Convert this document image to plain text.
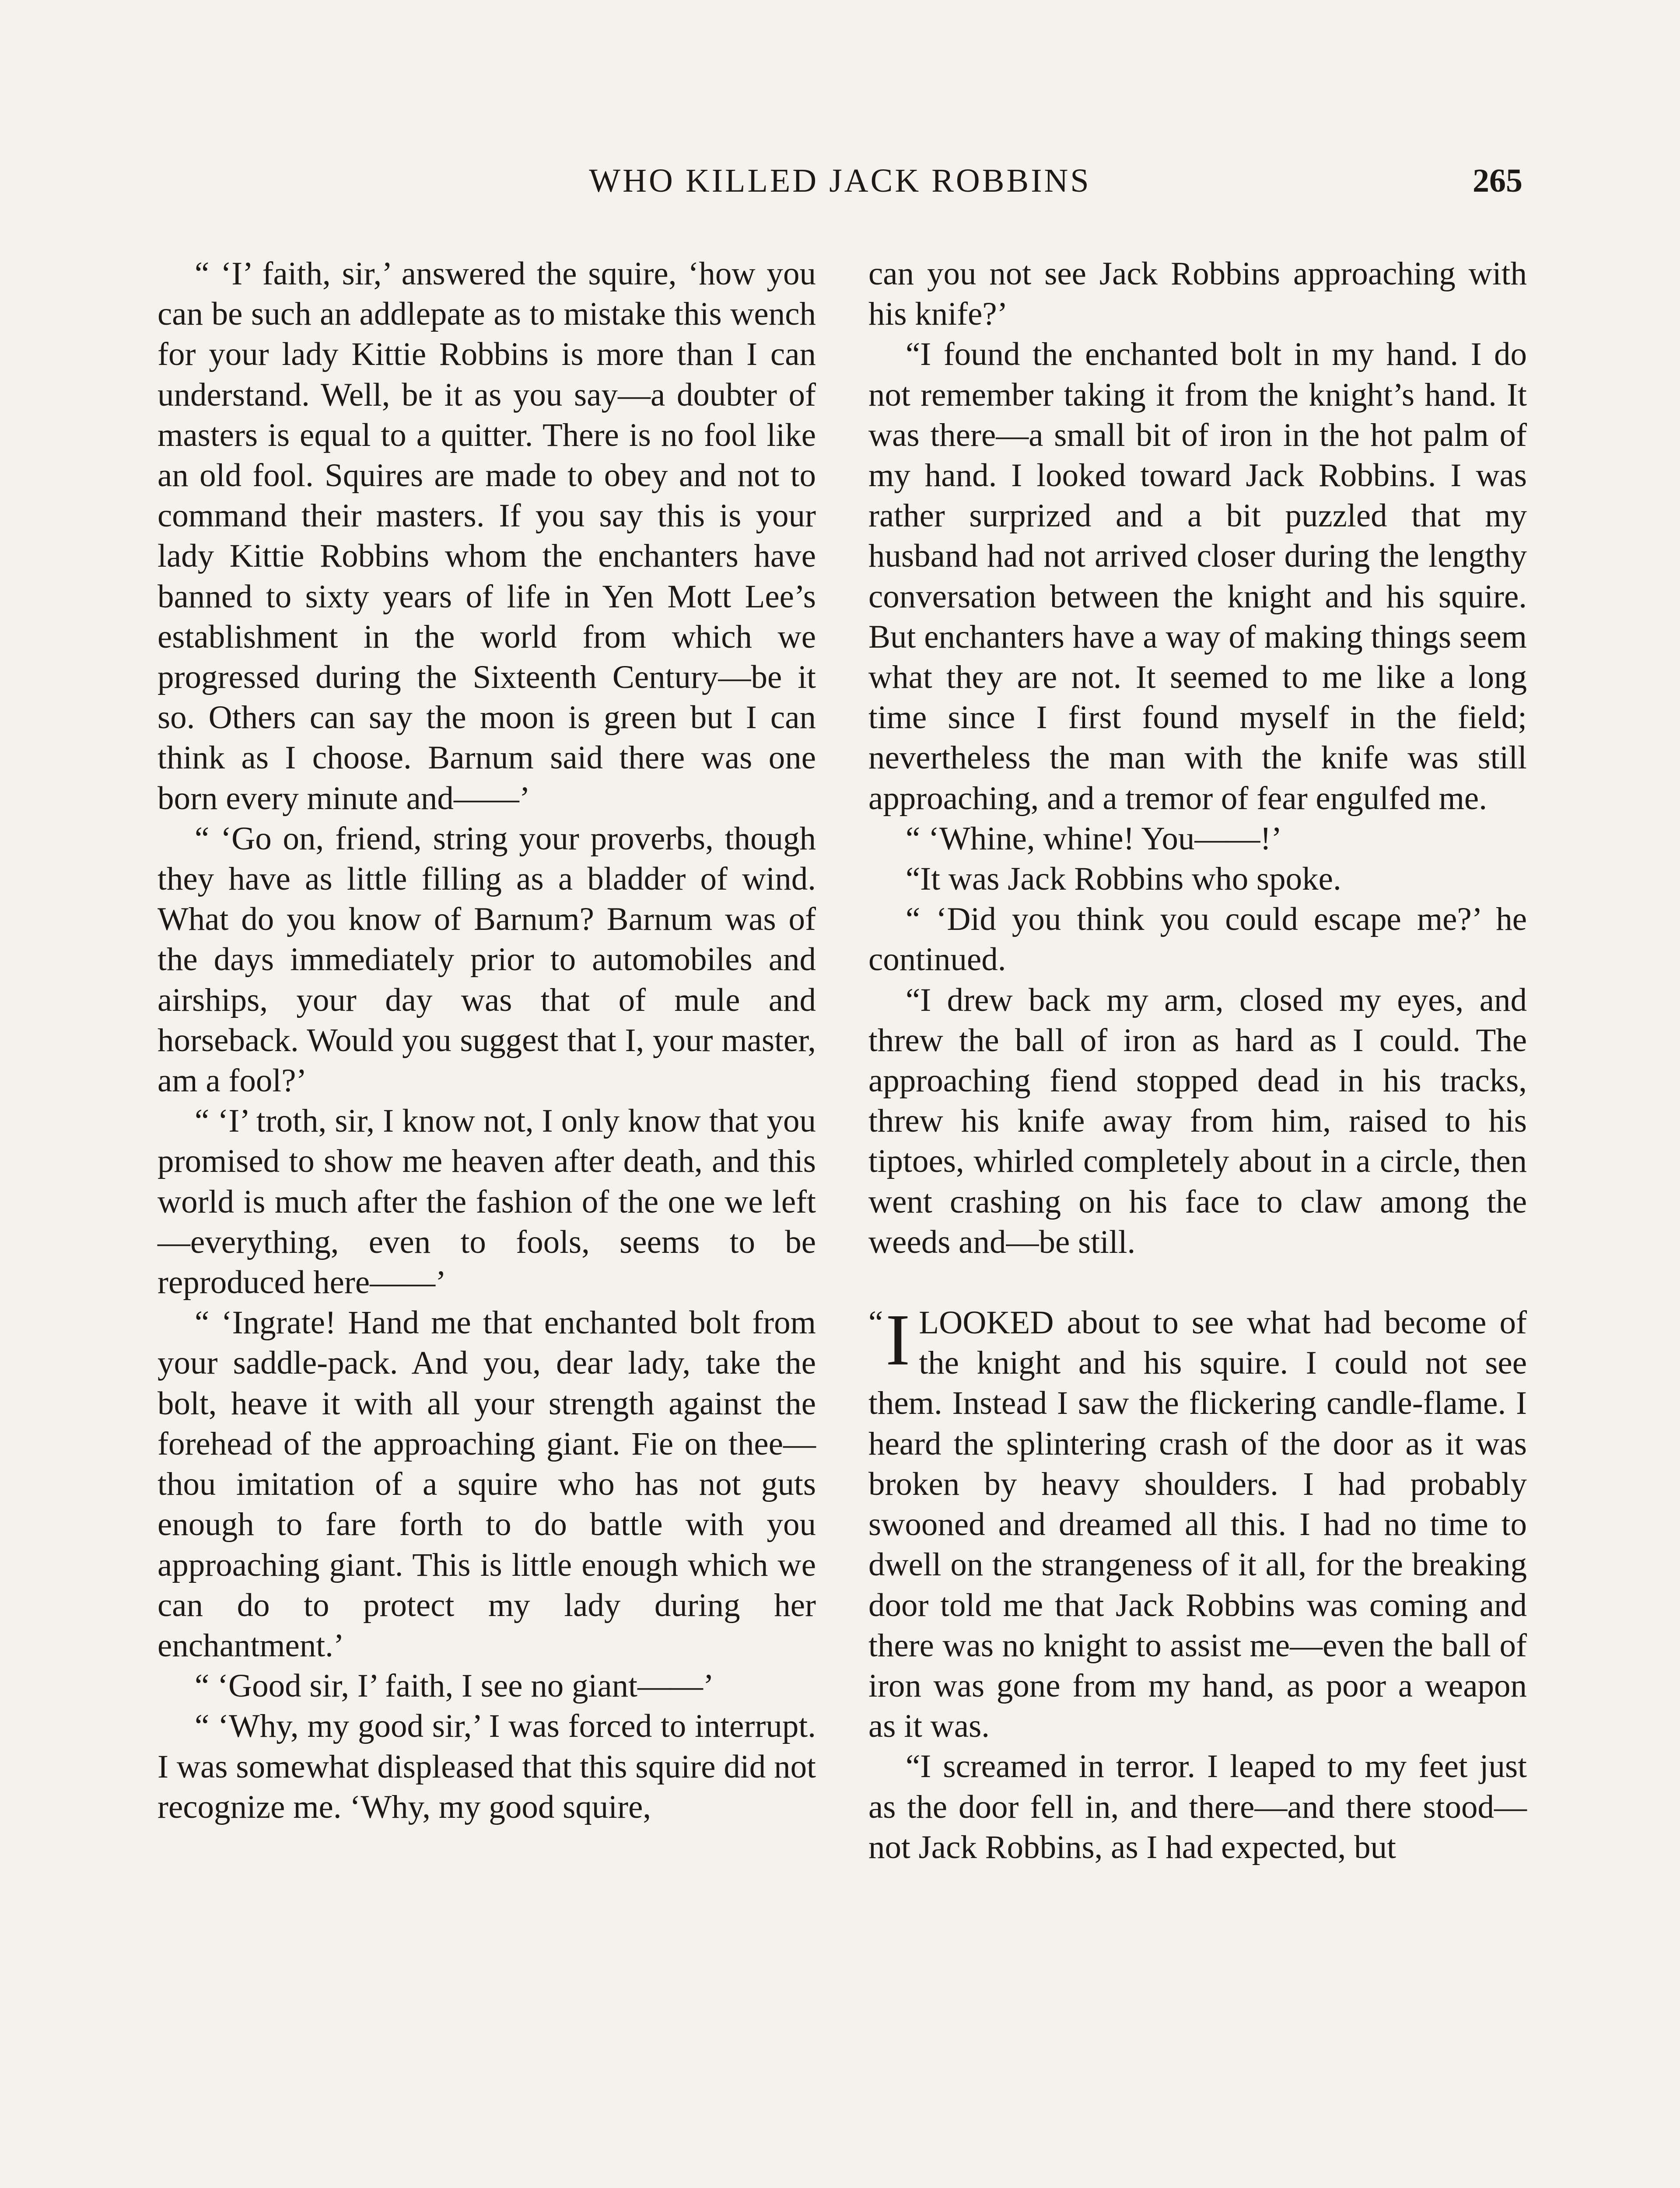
WHO KILLED JACK ROBBINS	265

“ ‘I’ faith, sir,’ answered the squire, ‘how you can be such an addlepate as to mistake this wench for your lady Kittie Robbins is more than I can understand. Well, be it as you say—a doubter of masters is equal to a quitter. There is no fool like an old fool. Squires are made to obey and not to command their masters. If you say this is your lady Kittie Robbins whom the enchanters have banned to sixty years of life in Yen Mott Lee’s establishment in the world from which we progressed during the Sixteenth Century—be it so. Others can say the moon is green but I can think as I choose. Barnum said there was one born every minute and——’

“ ‘Go on, friend, string your proverbs, though they have as little filling as a bladder of wind. What do you know of Barnum? Barnum was of the days immediately prior to automobiles and airships, your day was that of mule and horseback. Would you suggest that I, your master, am a fool?’

“ ‘I’ troth, sir, I know not, I only know that you promised to show me heaven after death, and this world is much after the fashion of the one we left—everything, even to fools, seems to be reproduced here——’

“ ‘Ingrate! Hand me that enchanted bolt from your saddle-pack. And you, dear lady, take the bolt, heave it with all your strength against the forehead of the approaching giant. Fie on thee—thou imitation of a squire who has not guts enough to fare forth to do battle with you approaching giant. This is little enough which we can do to protect my lady during her enchantment.’

“ ‘Good sir, I’ faith, I see no giant——’

“ ‘Why, my good sir,’ I was forced to interrupt. I was somewhat displeased that this squire did not recognize me. ‘Why, my good squire,

can you not see Jack Robbins approaching with his knife?’

“I found the enchanted bolt in my hand. I do not remember taking it from the knight’s hand. It was there—a small bit of iron in the hot palm of my hand. I looked toward Jack Robbins. I was rather surprized and a bit puzzled that my husband had not arrived closer during the lengthy conversation between the knight and his squire. But enchanters have a way of making things seem what they are not. It seemed to me like a long time since I first found myself in the field; nevertheless the man with the knife was still approaching, and a tremor of fear engulfed me.

“ ‘Whine, whine! You——!’

“It was Jack Robbins who spoke.

“ ‘Did you think you could escape me?’ he continued.

“I drew back my arm, closed my eyes, and threw the ball of iron as hard as I could. The approaching fiend stopped dead in his tracks, threw his knife away from him, raised to his tiptoes, whirled completely about in a circle, then went crashing on his face to claw among the weeds and—be still.

“ I LOOKED about to see what had become of the knight and his squire. I could not see them. Instead I saw the flickering candle-flame. I heard the splintering crash of the door as it was broken by heavy shoulders. I had probably swooned and dreamed all this. I had no time to dwell on the strangeness of it all, for the breaking door told me that Jack Robbins was coming and there was no knight to assist me—even the ball of iron was gone from my hand, as poor a weapon as it was.

“I screamed in terror. I leaped to my feet just as the door fell in, and there—and there stood—not Jack Robbins, as I had expected, but
